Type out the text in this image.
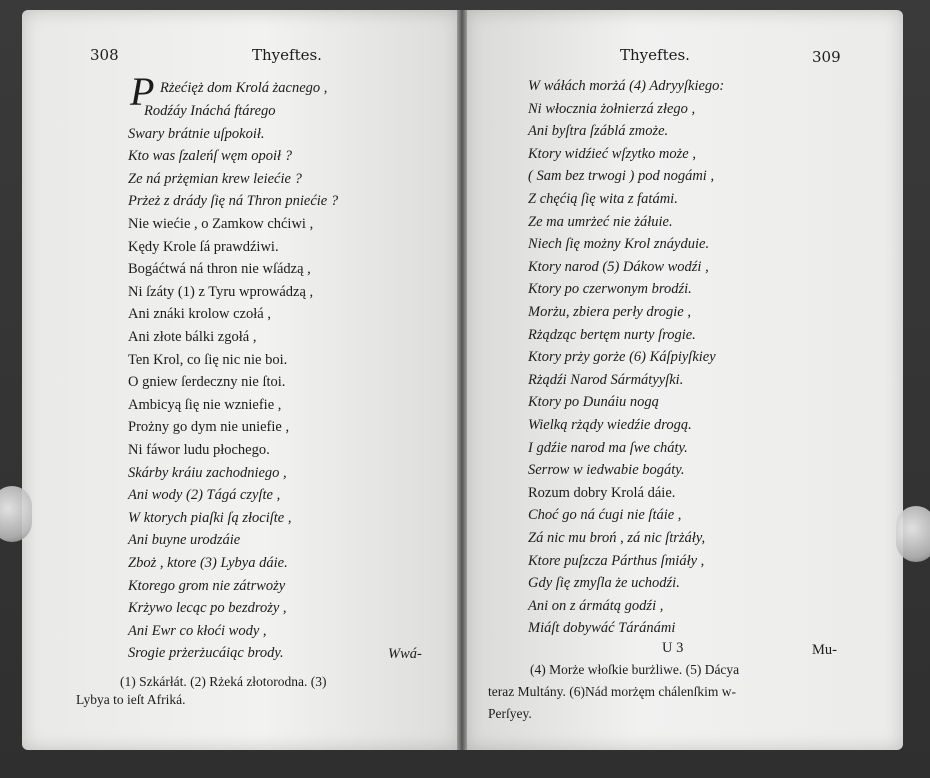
308	Thyeftes.
P Rżećięż dom Krolá żacnego ,
Rodźáy Ináchá ftárego
Swary brátnie uſpokoił.
Kto was ſzaleńſ węm opoił ?
Ze ná prżęmian krew leiećie ?
Prżeż z drády ſię ná Thron pniećie ?
Nie wiećie , o Zamkow chćiwi ,
Kędy Krole ſá prawdźiwi.
Bogáćtwá ná thron nie wſádzą ,
Ni ſzáty (1) z Tyru wprowádzą ,
Ani znáki krolow czołá ,
Ani złote bálki zgołá ,
Ten Krol, co ſię nic nie boi.
O gniew ſerdeczny nie ſtoi.
Ambicyą ſię nie wzniefie ,
Prożny go dym nie uniefie ,
Ni fáwor ludu płochego.
Skárby kráiu zachodniego ,
Ani wody (2) Tágá czyſte ,
W ktorych piaſki ſą złociſte ,
Ani buyne urodzáie
Zboż , ktore (3) Lybya dáie.
Ktorego grom nie zátrwoży
Krżywo lecąc po bezdroży ,
Ani Ewr co kłoći wody ,
Srogie prżerżucáiąc brody.	Wwá-
(1) Szkárłát. (2) Rżeká złotorodna. (3)
Lybya to ieſt Afriká.
Thyeftes.	309
W wáłách morżá (4) Adryyſkiego:
Ni włocznia żołnierzá złego ,
Ani byſtra ſzáblá zmoże.
Ktory widźieć wſzytko może ,
( Sam bez trwogi ) pod nogámi ,
Z chęćią ſię wita z fatámi.
Ze ma umrżeć nie żáłuie.
Niech ſię możny Krol znáyduie.
Ktory narod (5) Dákow wodźi ,
Ktory po czerwonym brodźi.
Morżu, zbiera perły drogie ,
Rżądząc bertęm nurty ſrogie.
Ktory prży gorże (6) Káſpiyſkiey
Rżądźi Narod Sármátyyſki.
Ktory po Dunáiu nogą
Wielką rżądy wiedźie drogą.
I gdźie narod ma ſwe cháty.
Serrow w iedwabie bogáty.
Rozum dobry Krolá dáie.
Choć go ná ćugi nie ſtáie ,
Zá nic mu broń , zá nic ſtrżáły,
Ktore puſzcza Párthus ſmiáły ,
Gdy ſię zmyſla że uchodźi.
Ani on z ármátą godźi ,
Miáſt dobywáć Táránámi
U 3	Mu-
(4) Morże włoſkie burżliwe. (5) Dácya
teraz Multány. (6)Nád morżęm chálenſkim w-
Perſyey.
